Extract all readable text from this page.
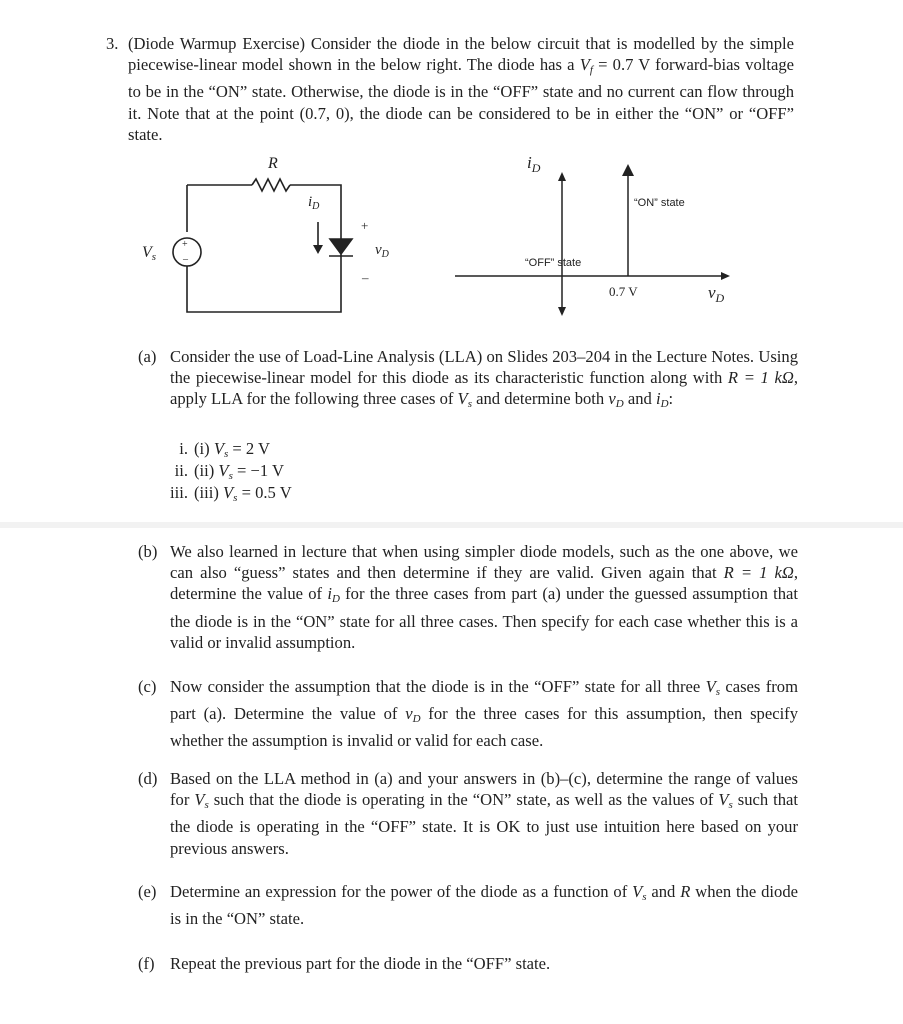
3. (Diode Warmup Exercise) Consider the diode in the below circuit that is modelled by the simple piecewise-linear model shown in the below right. The diode has a $V_f = 0.7$ V forward-bias voltage to be in the “ON” state. Otherwise, the diode is in the “OFF” state and no current can flow through it. Note that at the point (0.7, 0), the diode can be considered to be in either the “ON” or “OFF” state.
+
–
R
Vs
$i_D$
$v_D$
+
–
$i_D$
$v_D$
“ON” state
“OFF” state
0.7 V
(a) Consider the use of Load-Line Analysis (LLA) on Slides 203–204 in the Lecture Notes. Using the piecewise-linear model for this diode as its characteristic function along with R = 1 kΩ, apply LLA for the following three cases of $V_s$ and determine both $v_D$ and $i_D$:
i. (i) $V_s = 2$ V
ii. (ii) $V_s = -1$ V
iii. (iii) $V_s = 0.5$ V
(b) We also learned in lecture that when using simpler diode models, such as the one above, we can also “guess” states and then determine if they are valid. Given again that R = 1 kΩ, determine the value of $i_D$ for the three cases from part (a) under the guessed assumption that the diode is in the “ON” state for all three cases. Then specify for each case whether this is a valid or invalid assumption.
(c) Now consider the assumption that the diode is in the “OFF” state for all three $V_s$ cases from part (a). Determine the value of $v_D$ for the three cases for this assumption, then specify whether the assumption is invalid or valid for each case.
(d) Based on the LLA method in (a) and your answers in (b)–(c), determine the range of values for $V_s$ such that the diode is operating in the “ON” state, as well as the values of $V_s$ such that the diode is operating in the “OFF” state. It is OK to just use intuition here based on your previous answers.
(e) Determine an expression for the power of the diode as a function of $V_s$ and R when the diode is in the “ON” state.
(f) Repeat the previous part for the diode in the “OFF” state.
